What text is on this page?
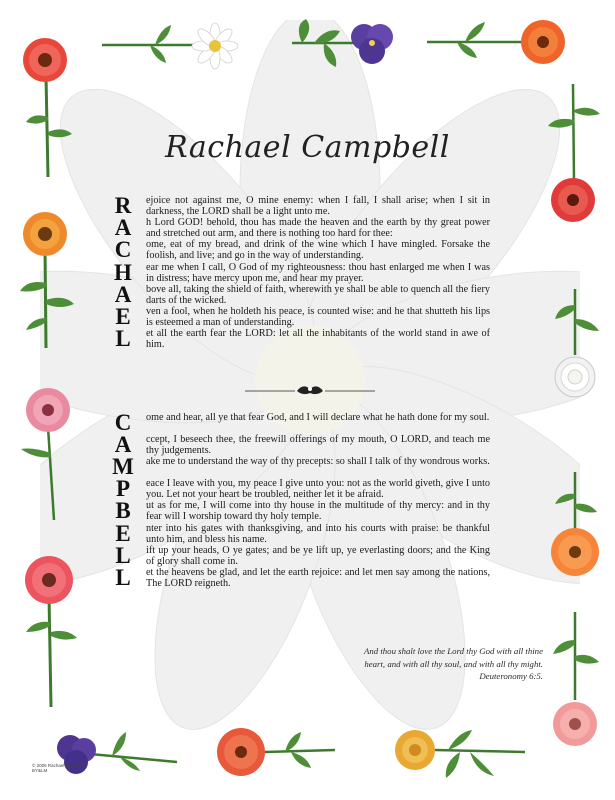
Rachael Campbell
R	ejoice not against me, O mine enemy: when I fall, I shall arise; when I sit in darkness, the LORD shall be a light unto me.
A	h Lord GOD! behold, thou has made the heaven and the earth by thy great power and stretched out arm, and there is nothing too hard for thee:
C	ome, eat of my bread, and drink of the wine which I have mingled. Forsake the foolish, and live; and go in the way of understanding.
H	ear me when I call, O God of my righteousness: thou hast enlarged me when I was in distress; have mercy upon me, and hear my prayer.
A	bove all, taking the shield of faith, wherewith ye shall be able to quench all the fiery darts of the wicked.
E	ven a fool, when he holdeth his peace, is counted wise: and he that shutteth his lips is esteemed a man of understanding.
L	et all the earth fear the LORD: let all the inhabitants of the world stand in awe of him.
C	ome and hear, all ye that fear God, and I will declare what he hath done for my soul.
A	ccept, I beseech thee, the freewill offerings of my mouth, O LORD, and teach me thy judgements.
M ake me to understand the way of thy precepts: so shall I talk of thy wondrous works.
P	eace I leave with you, my peace I give unto you: not as the world giveth, give I unto you. Let not your heart be troubled, neither let it be afraid.
B	ut as for me, I will come into thy house in the multitude of thy mercy: and in thy fear will I worship toward thy holy temple.
E	nter into his gates with thanksgiving, and into his courts with praise: be thankful unto him, and bless his name.
L	ift up your heads, O ye gates; and be ye lift up, ye everlasting doors; and the King of glory shall come in.
L	et the heavens be glad, and let the earth rejoice: and let men say among the nations, The LORD reigneth.
And thou shalt love the Lord thy God with all thine
heart, and with all thy soul, and with all thy might.
Deuteronomy 6:5.
© 2005 Rachael Campbell
BY&LM
